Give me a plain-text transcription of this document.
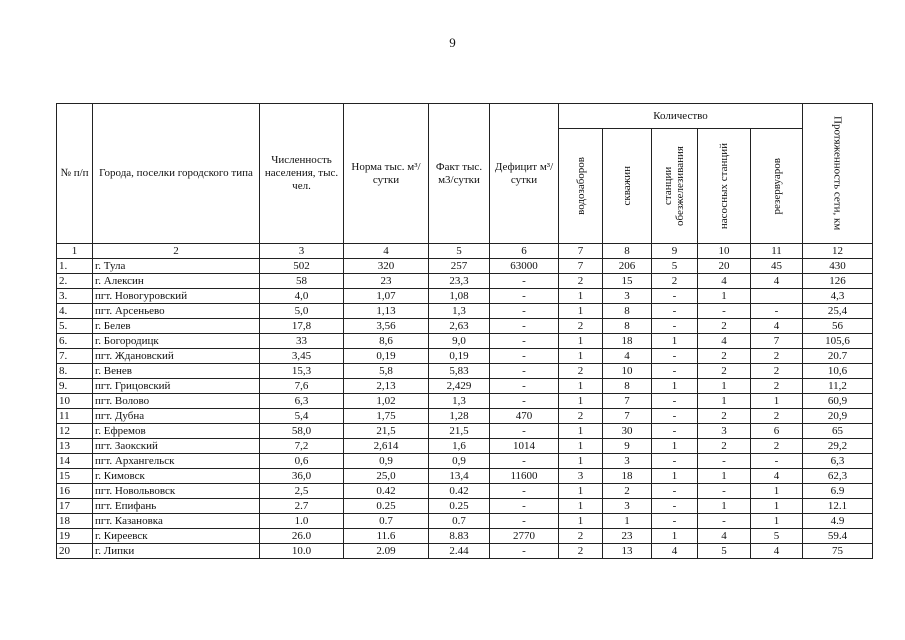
9
№ п/п	Города, поселки городского типа	Численность населения, тыс. чел.	Норма тыс. м³/сутки	Факт тыс. м3/сутки	Дефицит м³/сутки	Количество					Протяженность сети, км

						водозаборов	скважин	станции обезжелезивания	насосных станций	резервуаров	

1	2	3	4	5	6	7	8	9	10	11	12
1.	г. Тула	502	320	257	63000	7	206	5	20	45	430
2.	г. Алексин	58	23	23,3	-	2	15	2	4	4	126
3.	пгт. Новогуровский	4,0	1,07	1,08	-	1	3	-	1		4,3
4.	пгт. Арсеньево	5,0	1,13	1,3	-	1	8	-	-	-	25,4
5.	г. Белев	17,8	3,56	2,63	-	2	8	-	2	4	56
6.	г. Богородицк	33	8,6	9,0	-	1	18	1	4	7	105,6
7.	пгт. Ждановский	3,45	0,19	0,19	-	1	4	-	2	2	20.7
8.	г. Венев	15,3	5,8	5,83	-	2	10	-	2	2	10,6
9.	пгт. Грицовский	7,6	2,13	2,429	-	1	8	1	1	2	11,2
10	пгт. Волово	6,3	1,02	1,3	-	1	7	-	1	1	60,9
11	пгт. Дубна	5,4	1,75	1,28	470	2	7	-	2	2	20,9
12	г. Ефремов	58,0	21,5	21,5	-	1	30	-	3	6	65
13	пгт. Заокский	7,2	2,614	1,6	1014	1	9	1	2	2	29,2
14	пгт. Архангельск	0,6	0,9	0,9	-	1	3	-	-	-	6,3
15	г. Кимовск	36,0	25,0	13,4	11600	3	18	1	1	4	62,3
16	пгт. Новольвовск	2,5	0.42	0.42	-	1	2	-	-	1	6.9
17	пгт. Епифань	2.7	0.25	0.25	-	1	3	-	1	1	12.1
18	пгт. Казановка	1.0	0.7	0.7	-	1	1	-	-	1	4.9
19	г. Киреевск	26.0	11.6	8.83	2770	2	23	1	4	5	59.4
20	г. Липки	10.0	2.09	2.44	-	2	13	4	5	4	75
